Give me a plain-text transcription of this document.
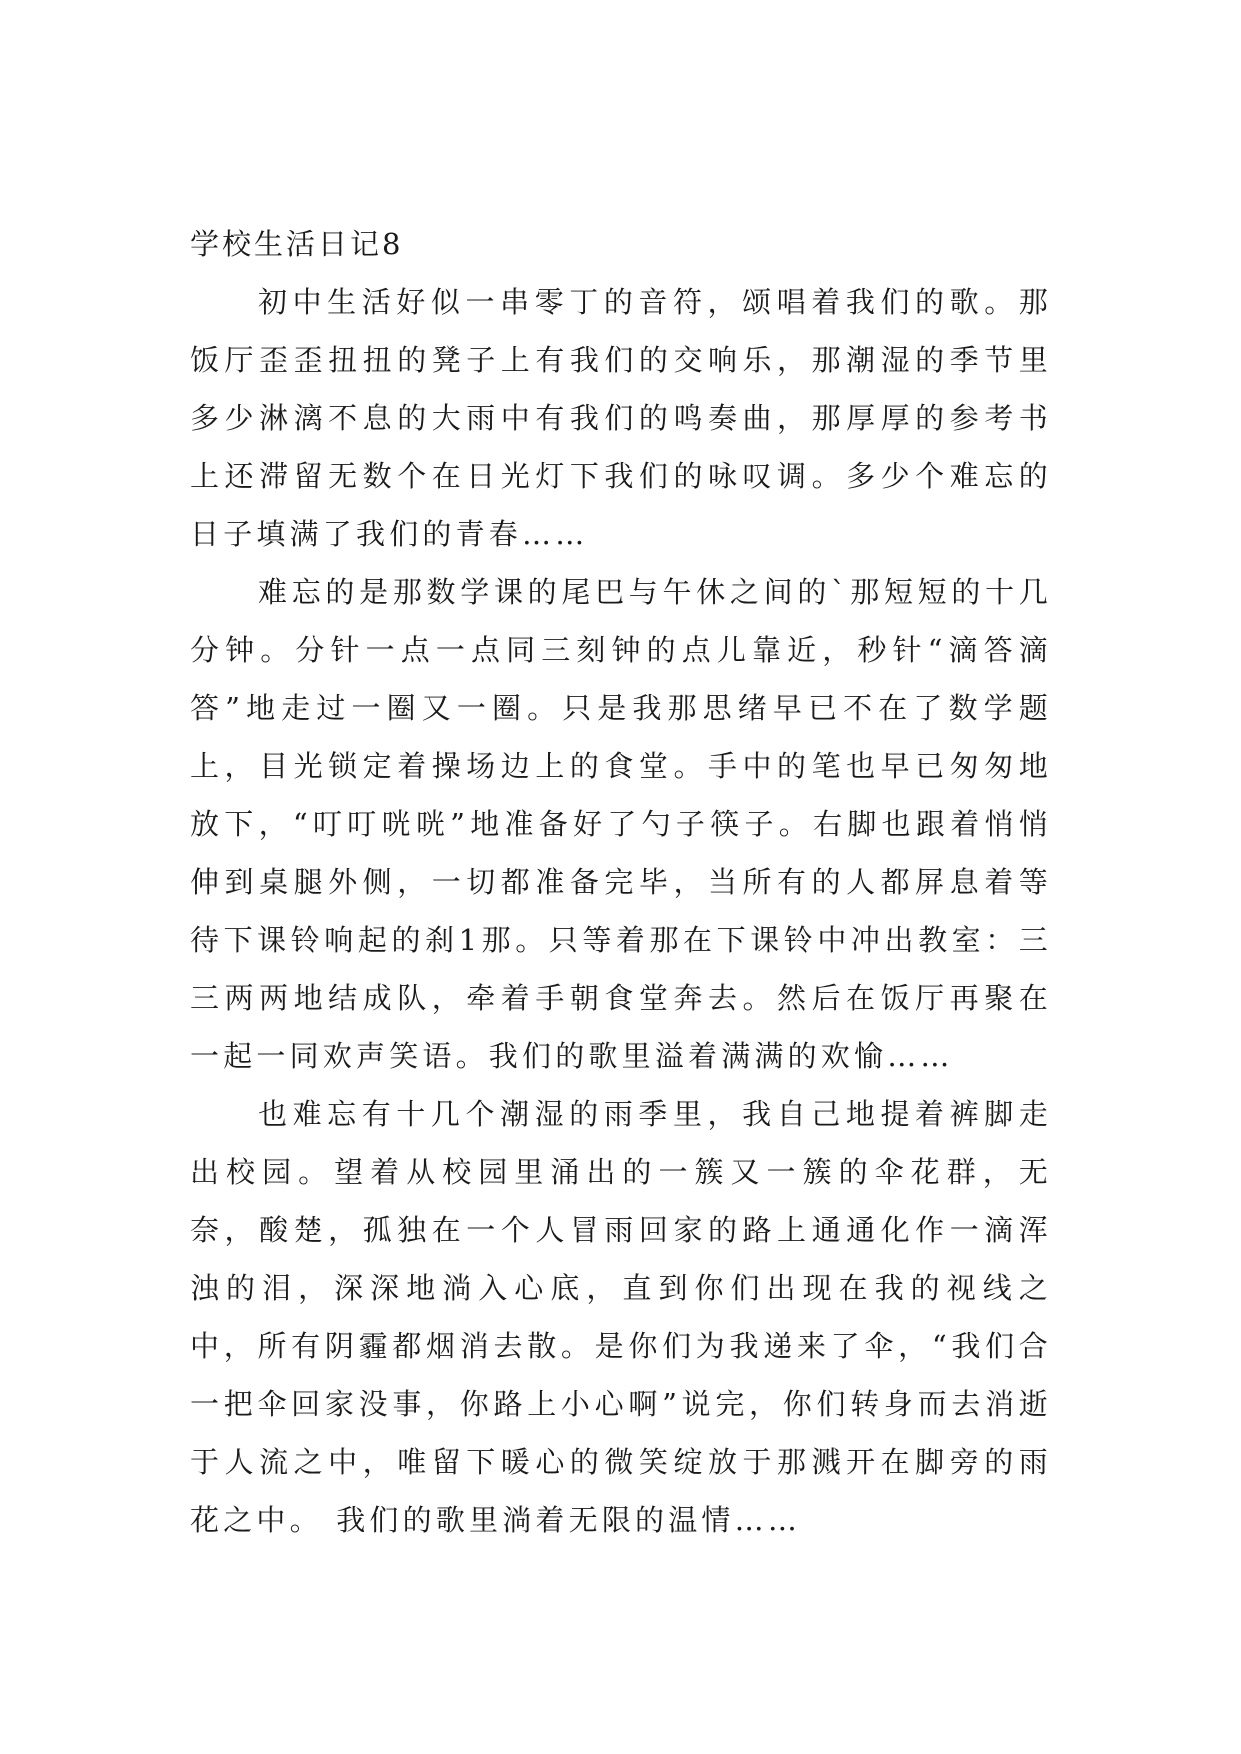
学校生活日记8

初中生活好似一串零丁的音符，颂唱着我们的歌。那饭厅歪歪扭扭的凳子上有我们的交响乐，那潮湿的季节里多少淋漓不息的大雨中有我们的鸣奏曲，那厚厚的参考书上还滞留无数个在日光灯下我们的咏叹调。多少个难忘的日子填满了我们的青春……

难忘的是那数学课的尾巴与午休之间的`那短短的十几分钟。分针一点一点同三刻钟的点儿靠近，秒针“滴答滴答”地走过一圈又一圈。只是我那思绪早已不在了数学题上，目光锁定着操场边上的食堂。手中的笔也早已匆匆地放下，“叮叮咣咣”地准备好了勺子筷子。右脚也跟着悄悄伸到桌腿外侧，一切都准备完毕，当所有的人都屏息着等待下课铃响起的刹1那。只等着那在下课铃中冲出教室：三三两两地结成队，牵着手朝食堂奔去。然后在饭厅再聚在一起一同欢声笑语。我们的歌里溢着满满的欢愉……

也难忘有十几个潮湿的雨季里，我自己地提着裤脚走出校园。望着从校园里涌出的一簇又一簇的伞花群，无奈，酸楚，孤独在一个人冒雨回家的路上通通化作一滴浑浊的泪，深深地淌入心底，直到你们出现在我的视线之中，所有阴霾都烟消去散。是你们为我递来了伞，“我们合一把伞回家没事，你路上小心啊”说完，你们转身而去消逝于人流之中，唯留下暖心的微笑绽放于那溅开在脚旁的雨花之中。 我们的歌里淌着无限的温情……
